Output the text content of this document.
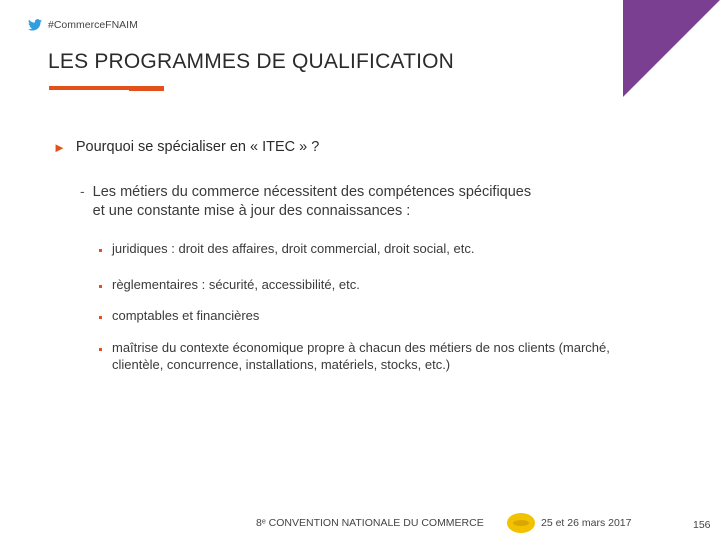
#CommerceFNAIM
LES PROGRAMMES DE QUALIFICATION
► Pourquoi se spécialiser en « ITEC » ?
- Les métiers du commerce nécessitent des compétences spécifiques
et une constante mise à jour des connaissances :
juridiques : droit des affaires, droit commercial, droit social, etc.
règlementaires : sécurité, accessibilité, etc.
comptables et financières
maîtrise du contexte économique propre à chacun des métiers de nos clients (marché,
clientèle, concurrence, installations, matériels, stocks, etc.)
8ᵉ CONVENTION NATIONALE DU COMMERCE	25 et 26 mars 2017	156
